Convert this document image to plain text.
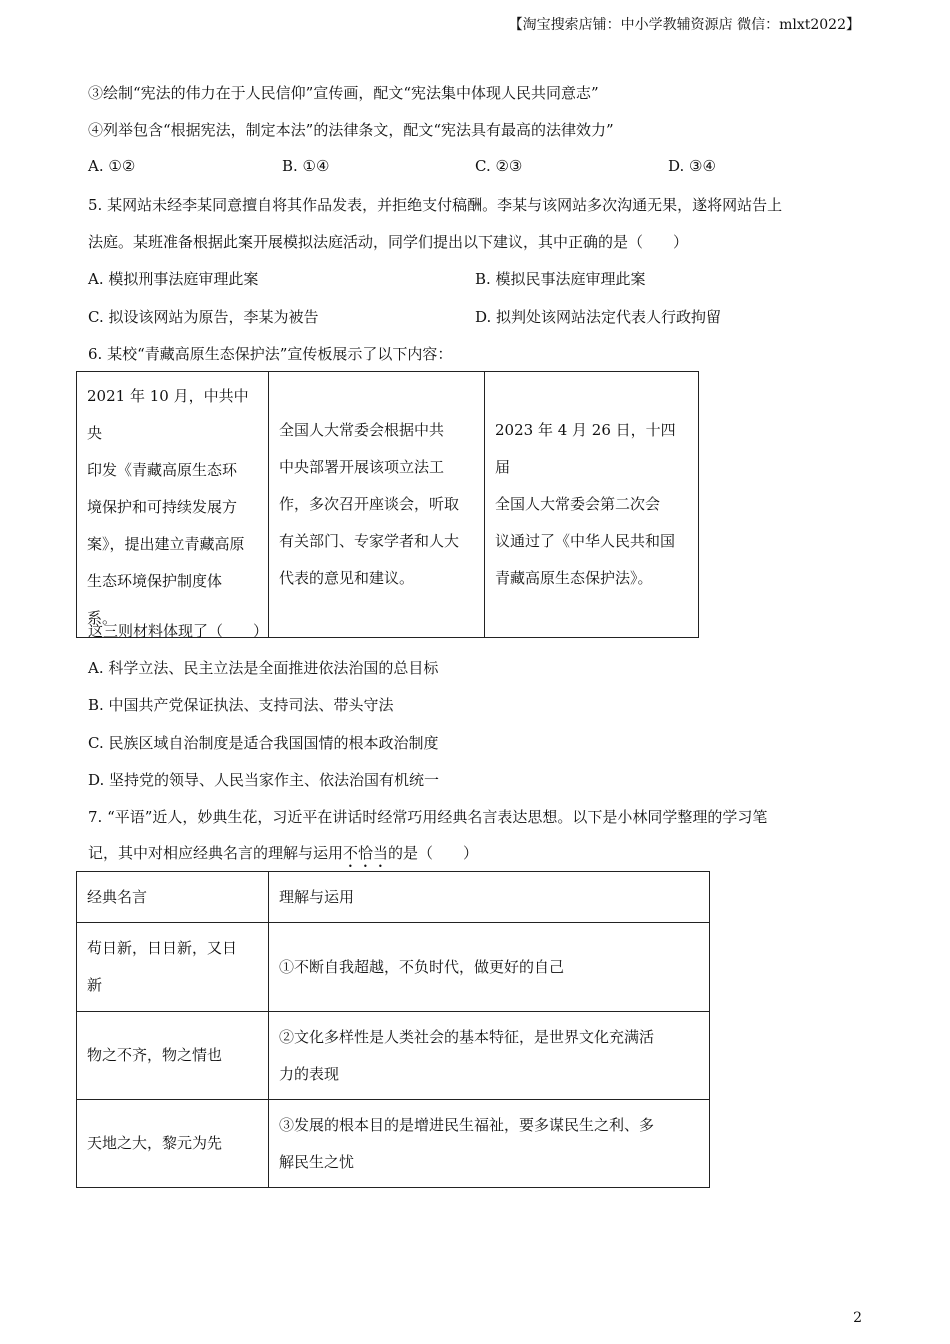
【淘宝搜索店铺：中小学教辅资源店 微信：mlxt2022】
③绘制“宪法的伟力在于人民信仰”宣传画，配文“宪法集中体现人民共同意志”
④列举包含“根据宪法，制定本法”的法律条文，配文“宪法具有最高的法律效力”
A. ①②	B. ①④	C. ②③	D. ③④
5. 某网站未经李某同意擅自将其作品发表，并拒绝支付稿酬。李某与该网站多次沟通无果，遂将网站告上
法庭。某班准备根据此案开展模拟法庭活动，同学们提出以下建议，其中正确的是（　　）
A. 模拟刑事法庭审理此案	B. 模拟民事法庭审理此案
C. 拟设该网站为原告，李某为被告	D. 拟判处该网站法定代表人行政拘留
6. 某校“青藏高原生态保护法”宣传板展示了以下内容：
2021 年 10 月，中共中央
印发《青藏高原生态环
境保护和可持续发展方
案》，提出建立青藏高原
生态环境保护制度体
系。

全国人大常委会根据中共
中央部署开展该项立法工
作，多次召开座谈会，听取
有关部门、专家学者和人大
代表的意见和建议。

2023 年 4 月 26 日，十四届
全国人大常委会第二次会
议通过了《中华人民共和国
青藏高原生态保护法》。
这三则材料体现了（　　）
A. 科学立法、民主立法是全面推进依法治国的总目标
B. 中国共产党保证执法、支持司法、带头守法
C. 民族区域自治制度是适合我国国情的根本政治制度
D. 坚持党的领导、人民当家作主、依法治国有机统一
7. “平语”近人，妙典生花，习近平在讲话时经常巧用经典名言表达思想。以下是小林同学整理的学习笔
记，其中对相应经典名言的理解与运用不恰当的是（　　）
经典名言	理解与运用

苟日新，日日新，又日
新	①不断自我超越，不负时代，做更好的自己

物之不齐，物之情也	②文化多样性是人类社会的基本特征，是世界文化充满活
力的表现

天地之大，黎元为先	③发展的根本目的是增进民生福祉，要多谋民生之利、多
解民生之忧
2
